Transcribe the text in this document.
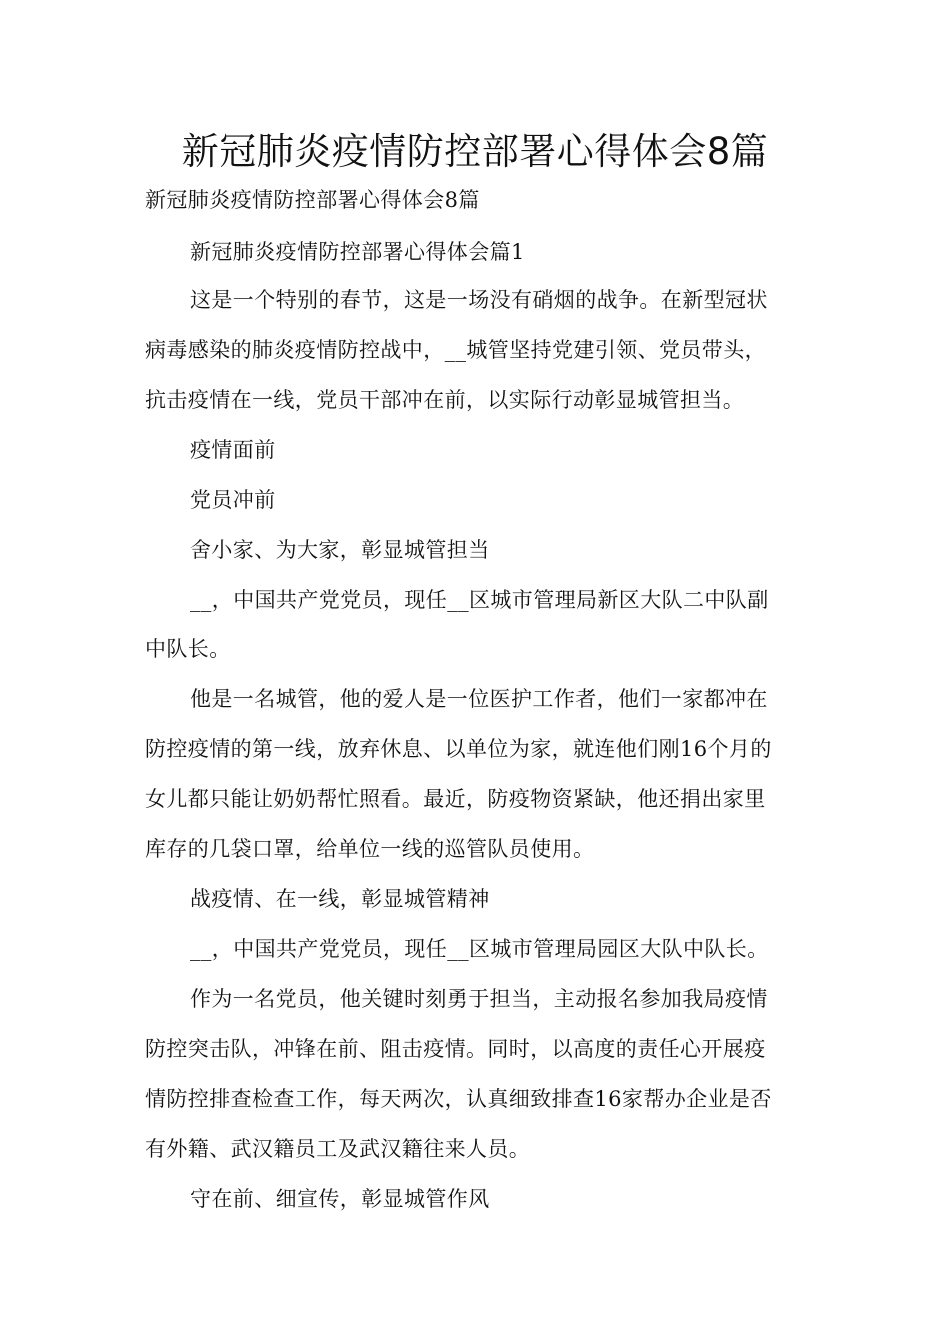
新冠肺炎疫情防控部署心得体会8篇

新冠肺炎疫情防控部署心得体会8篇

新冠肺炎疫情防控部署心得体会篇1

这是一个特别的春节，这是一场没有硝烟的战争。在新型冠状

病毒感染的肺炎疫情防控战中，__城管坚持党建引领、党员带头，

抗击疫情在一线，党员干部冲在前，以实际行动彰显城管担当。

疫情面前

党员冲前

舍小家、为大家，彰显城管担当

__，中国共产党党员，现任__区城市管理局新区大队二中队副

中队长。

他是一名城管，他的爱人是一位医护工作者，他们一家都冲在

防控疫情的第一线，放弃休息、以单位为家，就连他们刚16个月的

女儿都只能让奶奶帮忙照看。最近，防疫物资紧缺，他还捐出家里

库存的几袋口罩，给单位一线的巡管队员使用。

战疫情、在一线，彰显城管精神

__，中国共产党党员，现任__区城市管理局园区大队中队长。

作为一名党员，他关键时刻勇于担当，主动报名参加我局疫情

防控突击队，冲锋在前、阻击疫情。同时，以高度的责任心开展疫

情防控排查检查工作，每天两次，认真细致排查16家帮办企业是否

有外籍、武汉籍员工及武汉籍往来人员。

守在前、细宣传，彰显城管作风
